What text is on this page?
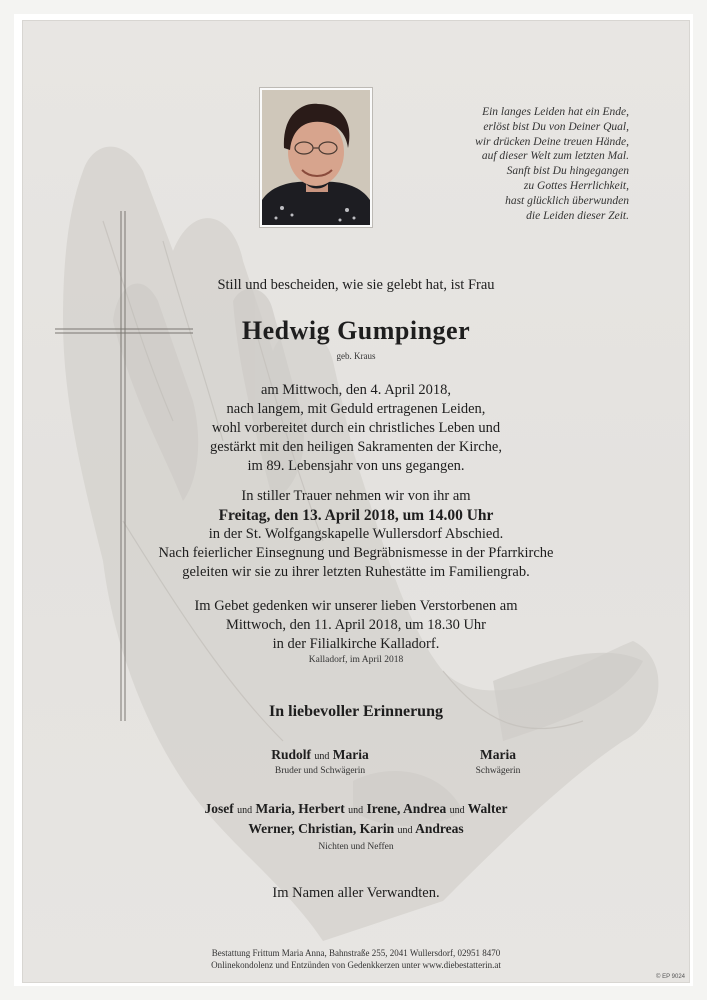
Ein langes Leiden hat ein Ende,
erlöst bist Du von Deiner Qual,
wir drücken Deine treuen Hände,
auf dieser Welt zum letzten Mal.
Sanft bist Du hingegangen
zu Gottes Herrlichkeit,
hast glücklich überwunden
die Leiden dieser Zeit.
Still und bescheiden, wie sie gelebt hat, ist Frau
Hedwig Gumpinger
geb. Kraus
am Mittwoch, den 4. April 2018,
nach langem, mit Geduld ertragenen Leiden,
wohl vorbereitet durch ein christliches Leben und
gestärkt mit den heiligen Sakramenten der Kirche,
im 89. Lebensjahr von uns gegangen.
In stiller Trauer nehmen wir von ihr am
Freitag, den 13. April 2018, um 14.00 Uhr
in der St. Wolfgangskapelle Wullersdorf Abschied.
Nach feierlicher Einsegnung und Begräbnismesse in der Pfarrkirche
geleiten wir sie zu ihrer letzten Ruhestätte im Familiengrab.
Im Gebet gedenken wir unserer lieben Verstorbenen am
Mittwoch, den 11. April 2018, um 18.30 Uhr
in der Filialkirche Kalladorf.
Kalladorf, im April 2018
In liebevoller Erinnerung
Rudolf und Maria
Bruder und Schwägerin
Maria
Schwägerin
Josef und Maria, Herbert und Irene, Andrea und Walter
Werner, Christian, Karin und Andreas
Nichten und Neffen
Im Namen aller Verwandten.
Bestattung Frittum Maria Anna, Bahnstraße 255, 2041 Wullersdorf, 02951 8470
Onlinekondolenz und Entzünden von Gedenkkerzen unter www.diebestatterin.at
© EP 9024
